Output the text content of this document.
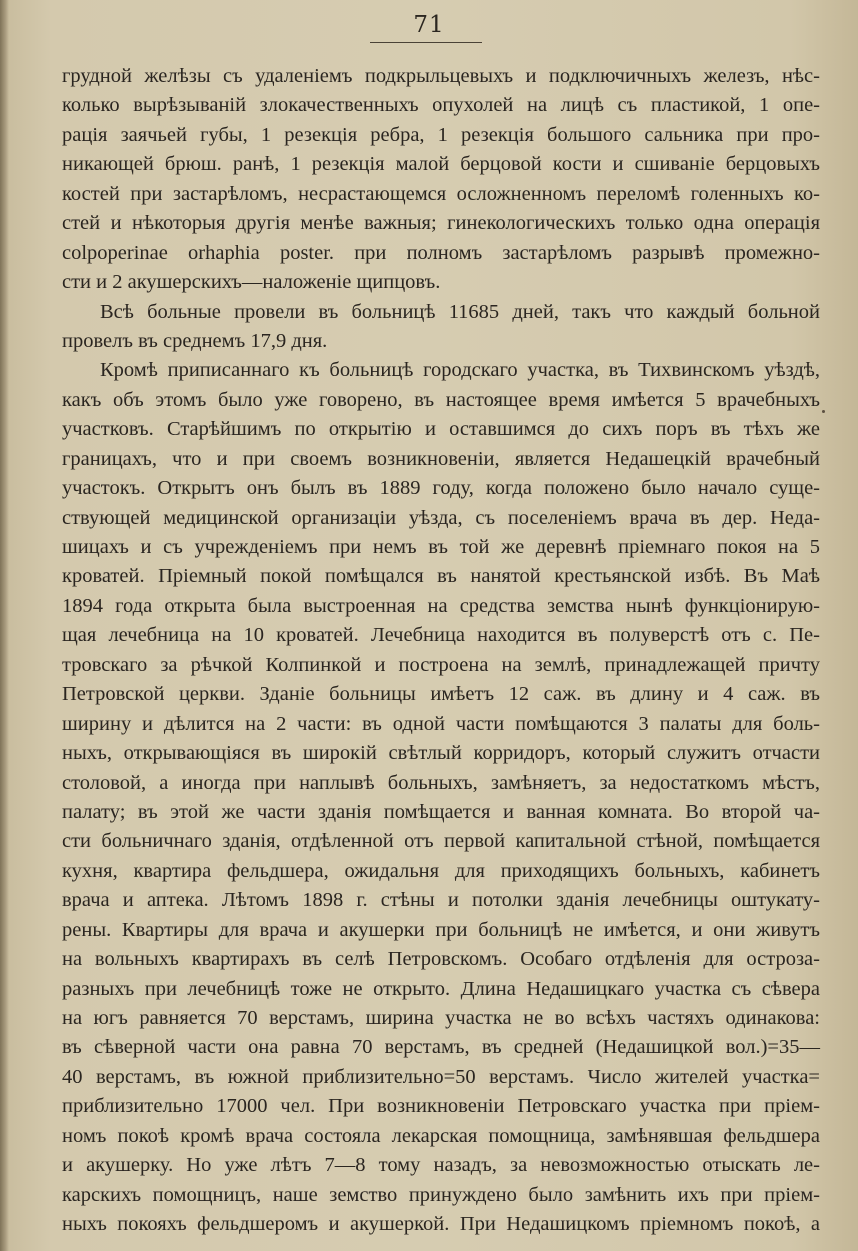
71
грудной желѣзы съ удаленіемъ подкрыльцевыхъ и подключичныхъ железъ, нѣс-
колько вырѣзываній злокачественныхъ опухолей на лицѣ съ пластикой, 1 опе-
рація заячьей губы, 1 резекція ребра, 1 резекція большого сальника при про-
никающей брюш. ранѣ, 1 резекція малой берцовой кости и сшиваніе берцовыхъ
костей при застарѣломъ, несрастающемся осложненномъ переломѣ голенныхъ ко-
стей и нѣкоторыя другія менѣе важныя; гинекологическихъ только одна операція
colpoperinae orhaphia poster. при полномъ застарѣломъ разрывѣ промежно-
сти и 2 акушерскихъ—наложеніе щипцовъ.
Всѣ больные провели въ больницѣ 11685 дней, такъ что каждый больной
провелъ въ среднемъ 17,9 дня.
Кромѣ приписаннаго къ больницѣ городскаго участка, въ Тихвинскомъ уѣздѣ,
какъ объ этомъ было уже говорено, въ настоящее время имѣется 5 врачебныхъ
участковъ. Старѣйшимъ по открытію и оставшимся до сихъ поръ въ тѣхъ же
границахъ, что и при своемъ возникновеніи, является Недашецкій врачебный
участокъ. Открытъ онъ былъ въ 1889 году, когда положено было начало суще-
ствующей медицинской организаціи уѣзда, съ поселеніемъ врача въ дер. Неда-
шицахъ и съ учрежденіемъ при немъ въ той же деревнѣ пріемнаго покоя на 5
кроватей. Пріемный покой помѣщался въ нанятой крестьянской избѣ. Въ Маѣ
1894 года открыта была выстроенная на средства земства нынѣ функціонирую-
щая лечебница на 10 кроватей. Лечебница находится въ полуверстѣ отъ с. Пе-
тровскаго за рѣчкой Колпинкой и построена на землѣ, принадлежащей причту
Петровской церкви. Зданіе больницы имѣетъ 12 саж. въ длину и 4 саж. въ
ширину и дѣлится на 2 части: въ одной части помѣщаются 3 палаты для боль-
ныхъ, открывающіяся въ широкій свѣтлый корридоръ, который служитъ отчасти
столовой, а иногда при наплывѣ больныхъ, замѣняетъ, за недостаткомъ мѣстъ,
палату; въ этой же части зданія помѣщается и ванная комната. Во второй ча-
сти больничнаго зданія, отдѣленной отъ первой капитальной стѣной, помѣщается
кухня, квартира фельдшера, ожидальня для приходящихъ больныхъ, кабинетъ
врача и аптека. Лѣтомъ 1898 г. стѣны и потолки зданія лечебницы оштукату-
рены. Квартиры для врача и акушерки при больницѣ не имѣется, и они живутъ
на вольныхъ квартирахъ въ селѣ Петровскомъ. Особаго отдѣленія для остроза-
разныхъ при лечебницѣ тоже не открыто. Длина Недашицкаго участка съ сѣвера
на югъ равняется 70 верстамъ, ширина участка не во всѣхъ частяхъ одинакова:
въ сѣверной части она равна 70 верстамъ, въ средней (Недашицкой вол.)=35—
40 верстамъ, въ южной приблизительно=50 верстамъ. Число жителей участка=
приблизительно 17000 чел. При возникновеніи Петровскаго участка при пріем-
номъ покоѣ кромѣ врача состояла лекарская помощница, замѣнявшая фельдшера
и акушерку. Но уже лѣтъ 7—8 тому назадъ, за невозможностью отыскать ле-
карскихъ помощницъ, наше земство принуждено было замѣнить ихъ при пріем-
ныхъ покояхъ фельдшеромъ и акушеркой. При Недашицкомъ пріемномъ покоѣ, а
